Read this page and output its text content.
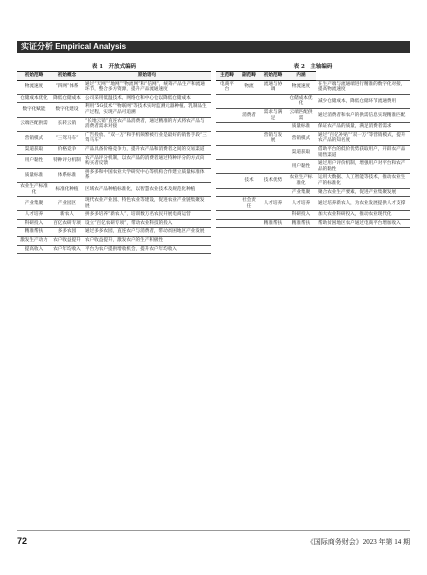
实证分析 Empirical Analysis
表 1　开放式编码	表 2　主轴编码
初始范畴	初始概念	原始语句
物流速度	“四网”体系	通过“天网”“地网”“物流网”和“信网”，统筹产品生产和流通环节，整合多方资源，提升产品流通速度
仓储成本优化	降低仓储成本	公司采用低温技术、网络仓和中心仓以降低仓储成本
数字化赋能	数字化建设	利用“5G技术”“物联网”等技术实时监测元器种植、乳制品生产过程，实现产品可追溯
云端匹配供需	长转云销	“长地云销”直连农产品消费者，通过精准的方式将农产品与消费者需求对接
营销模式	“三驾马车”	广告投放、“双一万”和手机频繁被行业是最好的销售手段“三驾马车”
渠道获取	价格竞争	产品具备价格竞争力，提升农产品和消费者之间的交易渠道
用户黏性	特种评分机制	农产品评分机制，以农产品的消费者通过特种评分的方式向购买者反馈
质量标准	体系标准	拼多多和中国农业大学研究中心等机构合作建立质量标准体系
农业生产标准化	标准化种植	区域农产品种植标准化，以智慧农业技术及规范化种植
产业集聚	产业园区	现代农业产业园、特色农业等建设，促进农业产业链集聚发展
人才培养	新农人	拼多多培养“新农人”，培训数万名农民开展电商运营
科研投入	百亿农研专项	设立“百亿农研专项”，带动农业科技的投入
精准帮扶	多多农园	通过多多农园，直连农户与消费者，带动贫困地区产业发展
激发生产动力	农户收益提升	农户收益提升，激发农户的生产积极性
提高收入	农户年均收入	平台为农户提供增收机会，提升农户年均收入
主范畴	副范畴	初始范畴	内涵	
电商平台	物流	流通与协调	物流速度	在生产端与流通端进行精准的数字化对接，提高物流速度
			仓储成本优化	减少仓储成本，降低仓储环节流通费用
	消费者	需求与满足	云端匹配供需	通过消费者和农户的供需信息实现精准匹配
			质量标准	保证农产品的质量，满足消费者需求
		营销与发展	营销模式	通过“百亿补贴”“双一万”等营销模式，提升农产品的知名度
			渠道获取	借助平台的低价优势获取用户，开辟农产品销售渠道
			用户黏性	通过用户评价机制，增强用户对平台和农产品的黏性
	技术	技术优势	农业生产标准化	运用大数据、人工智能等技术，推动农业生产的标准化
			产业集聚	聚合农业生产要素，促进产业集聚发展
	社会责任	人才培养	人才培养	通过培养新农人，为农业发展提供人才支撑
			科研投入	加大农业科研投入，推动农业现代化
		精准帮扶	精准帮扶	帮助贫困地区农户通过电商平台增加收入
72	《国际商务财会》2023 年第 14 期
